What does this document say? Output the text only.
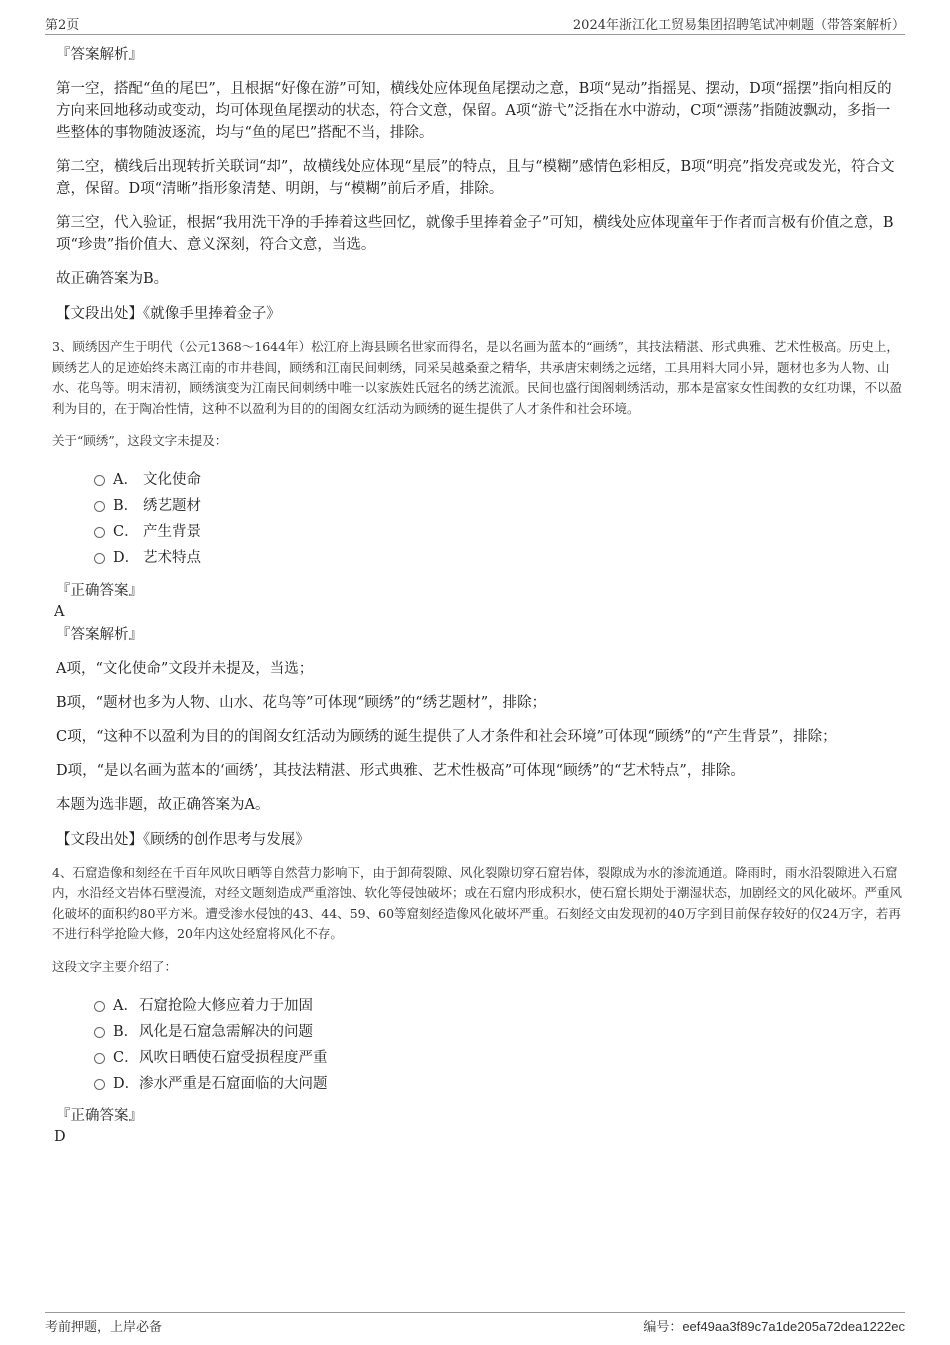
第2页	2024年浙江化工贸易集团招聘笔试冲刺题（带答案解析）

『答案解析』

第一空，搭配“鱼的尾巴”，且根据“好像在游”可知，横线处应体现鱼尾摆动之意，B项“晃动”指摇晃、摆动，D项“摇摆”指向相反的方向来回地移动或变动，均可体现鱼尾摆动的状态，符合文意，保留。A项“游弋”泛指在水中游动，C项“漂荡”指随波飘动，多指一些整体的事物随波逐流，均与“鱼的尾巴”搭配不当，排除。

第二空，横线后出现转折关联词“却”，故横线处应体现“星辰”的特点，且与“模糊”感情色彩相反，B项“明亮”指发亮或发光，符合文意，保留。D项“清晰”指形象清楚、明朗，与“模糊”前后矛盾，排除。

第三空，代入验证，根据“我用洗干净的手捧着这些回忆，就像手里捧着金子”可知，横线处应体现童年于作者而言极有价值之意，B项“珍贵”指价值大、意义深刻，符合文意，当选。

故正确答案为B。

【文段出处】《就像手里捧着金子》

3、顾绣因产生于明代（公元1368～1644年）松江府上海县顾名世家而得名，是以名画为蓝本的“画绣”，其技法精湛、形式典雅、艺术性极高。历史上，顾绣艺人的足迹始终未离江南的市井巷闾，顾绣和江南民间刺绣，同采吴越桑蚕之精华，共承唐宋刺绣之远绪，工具用料大同小异，题材也多为人物、山水、花鸟等。明末清初，顾绣演变为江南民间刺绣中唯一以家族姓氏冠名的绣艺流派。民间也盛行闺阁刺绣活动，那本是富家女性闺教的女红功课，不以盈利为目的，在于陶冶性情，这种不以盈利为目的的闺阁女红活动为顾绣的诞生提供了人才条件和社会环境。

关于“顾绣”，这段文字未提及：

A． 文化使命
B． 绣艺题材
C． 产生背景
D． 艺术特点

『正确答案』

A

『答案解析』

A项，“文化使命”文段并未提及，当选；

B项，“题材也多为人物、山水、花鸟等”可体现“顾绣”的“绣艺题材”，排除；

C项，“这种不以盈利为目的的闺阁女红活动为顾绣的诞生提供了人才条件和社会环境”可体现“顾绣”的“产生背景”，排除；

D项，“是以名画为蓝本的‘画绣’，其技法精湛、形式典雅、艺术性极高”可体现“顾绣”的“艺术特点”，排除。

本题为选非题，故正确答案为A。

【文段出处】《顾绣的创作思考与发展》

4、石窟造像和刻经在千百年风吹日晒等自然营力影响下，由于卸荷裂隙、风化裂隙切穿石窟岩体，裂隙成为水的渗流通道。降雨时，雨水沿裂隙进入石窟内，水沿经文岩体石壁漫流，对经文题刻造成严重溶蚀、软化等侵蚀破坏；或在石窟内形成积水，使石窟长期处于潮湿状态，加剧经文的风化破坏。严重风化破坏的面积约80平方米。遭受渗水侵蚀的43、44、59、60等窟刻经造像风化破坏严重。石刻经文由发现初的40万字到目前保存较好的仅24万字，若再不进行科学抢险大修，20年内这处经窟将风化不存。

这段文字主要介绍了：

A． 石窟抢险大修应着力于加固
B． 风化是石窟急需解决的问题
C． 风吹日晒使石窟受损程度严重
D． 渗水严重是石窟面临的大问题

『正确答案』

D

考前押题，上岸必备	编号：eef49aa3f89c7a1de205a72dea1222ec
